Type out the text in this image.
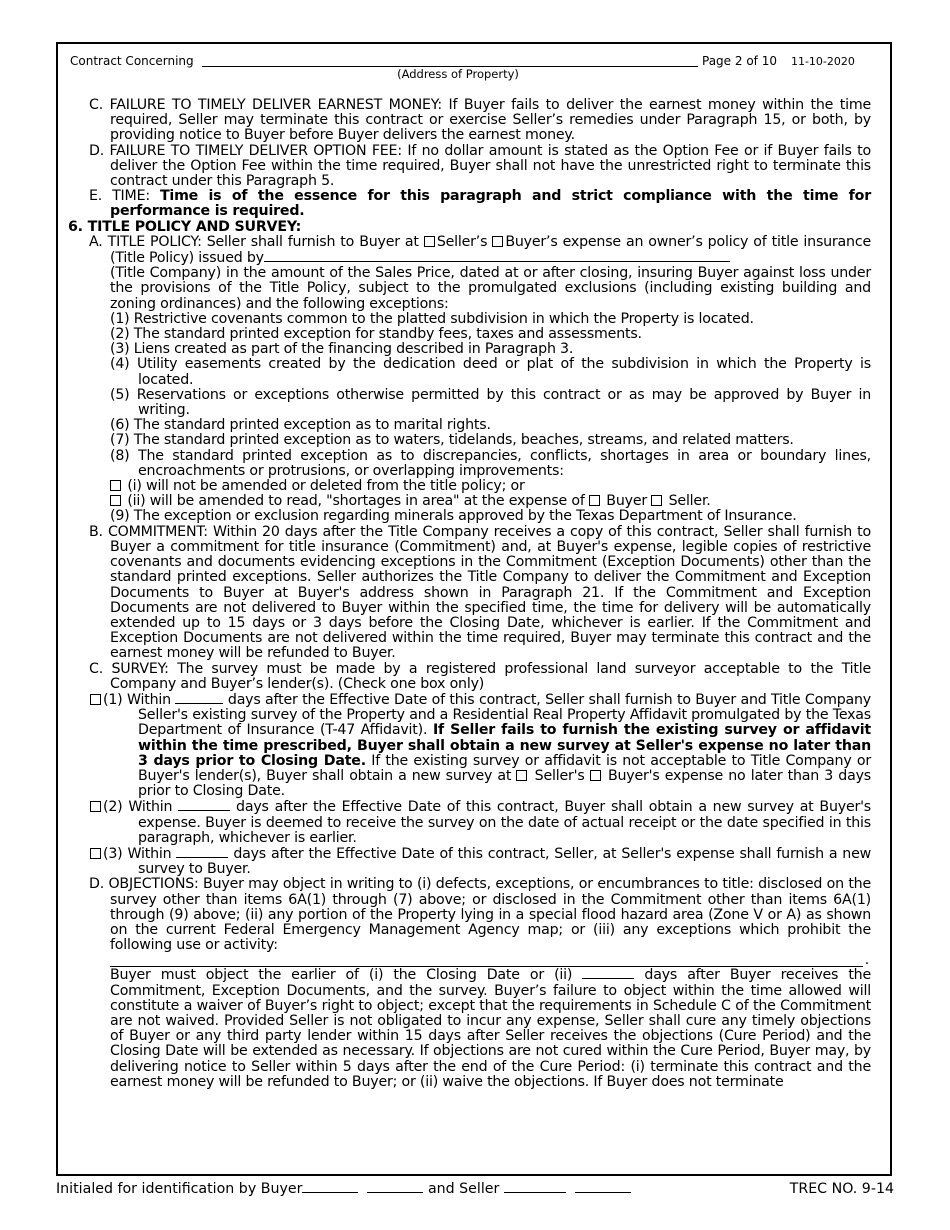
Contract Concerning	Page 2 of 10 11-10-2020
(Address of Property)

C. FAILURE TO TIMELY DELIVER EARNEST MONEY: If Buyer fails to deliver the earnest money within the time required, Seller may terminate this contract or exercise Seller’s remedies under Paragraph 15, or both, by providing notice to Buyer before Buyer delivers the earnest money.

D. FAILURE TO TIMELY DELIVER OPTION FEE: If no dollar amount is stated as the Option Fee or if Buyer fails to deliver the Option Fee within the time required, Buyer shall not have the unrestricted right to terminate this contract under this Paragraph 5.

E. TIME: Time is of the essence for this paragraph and strict compliance with the time for performance is required.

6. TITLE POLICY AND SURVEY:

A. TITLE POLICY: Seller shall furnish to Buyer at Seller’s Buyer’s expense an owner’s policy of title insurance (Title Policy) issued by

(Title Company) in the amount of the Sales Price, dated at or after closing, insuring Buyer against loss under the provisions of the Title Policy, subject to the promulgated exclusions (including existing building and zoning ordinances) and the following exceptions:

(1) Restrictive covenants common to the platted subdivision in which the Property is located.

(2) The standard printed exception for standby fees, taxes and assessments.

(3) Liens created as part of the financing described in Paragraph 3.

(4) Utility easements created by the dedication deed or plat of the subdivision in which the Property is located.

(5) Reservations or exceptions otherwise permitted by this contract or as may be approved by Buyer in writing.

(6) The standard printed exception as to marital rights.

(7) The standard printed exception as to waters, tidelands, beaches, streams, and related matters.

(8) The standard printed exception as to discrepancies, conflicts, shortages in area or boundary lines, encroachments or protrusions, or overlapping improvements:

(i) will not be amended or deleted from the title policy; or

(ii) will be amended to read, "shortages in area" at the expense of  Buyer  Seller.

(9) The exception or exclusion regarding minerals approved by the Texas Department of Insurance.

B. COMMITMENT: Within 20 days after the Title Company receives a copy of this contract, Seller shall furnish to Buyer a commitment for title insurance (Commitment) and, at Buyer's expense, legible copies of restrictive covenants and documents evidencing exceptions in the Commitment (Exception Documents) other than the standard printed exceptions. Seller authorizes the Title Company to deliver the Commitment and Exception Documents to Buyer at Buyer's address shown in Paragraph 21. If the Commitment and Exception Documents are not delivered to Buyer within the specified time, the time for delivery will be automatically extended up to 15 days or 3 days before the Closing Date, whichever is earlier. If the Commitment and Exception Documents are not delivered within the time required, Buyer may terminate this contract and the earnest money will be refunded to Buyer.

C. SURVEY: The survey must be made by a registered professional land surveyor acceptable to the Title Company and Buyer’s lender(s). (Check one box only)

(1) Within	days after the Effective Date of this contract, Seller shall furnish to Buyer and Title Company Seller's existing survey of the Property and a Residential Real Property Affidavit promulgated by the Texas Department of Insurance (T-47 Affidavit). If Seller fails to furnish the existing survey or affidavit within the time prescribed, Buyer shall obtain a new survey at Seller's expense no later than 3 days prior to Closing Date. If the existing survey or affidavit is not acceptable to Title Company or Buyer's lender(s), Buyer shall obtain a new survey at  Seller's  Buyer's expense no later than 3 days prior to Closing Date.

(2) Within	days after the Effective Date of this contract, Buyer shall obtain a new survey at Buyer's expense. Buyer is deemed to receive the survey on the date of actual receipt or the date specified in this paragraph, whichever is earlier.

(3) Within	days after the Effective Date of this contract, Seller, at Seller's expense shall furnish a new survey to Buyer.

D. OBJECTIONS: Buyer may object in writing to (i) defects, exceptions, or encumbrances to title: disclosed on the survey other than items 6A(1) through (7) above; or disclosed in the Commitment other than items 6A(1) through (9) above; (ii) any portion of the Property lying in a special flood hazard area (Zone V or A) as shown on the current Federal Emergency Management Agency map; or (iii) any exceptions which prohibit the following use or activity:

.

Buyer must object the earlier of (i) the Closing Date or (ii)	days after Buyer receives the Commitment, Exception Documents, and the survey. Buyer’s failure to object within the time allowed will constitute a waiver of Buyer’s right to object; except that the requirements in Schedule C of the Commitment are not waived. Provided Seller is not obligated to incur any expense, Seller shall cure any timely objections of Buyer or any third party lender within 15 days after Seller receives the objections (Cure Period) and the Closing Date will be extended as necessary. If objections are not cured within the Cure Period, Buyer may, by delivering notice to Seller within 5 days after the end of the Cure Period: (i) terminate this contract and the earnest money will be refunded to Buyer; or (ii) waive the objections. If Buyer does not terminate

Initialed for identification by Buyer	and Seller	TREC NO. 9-14
